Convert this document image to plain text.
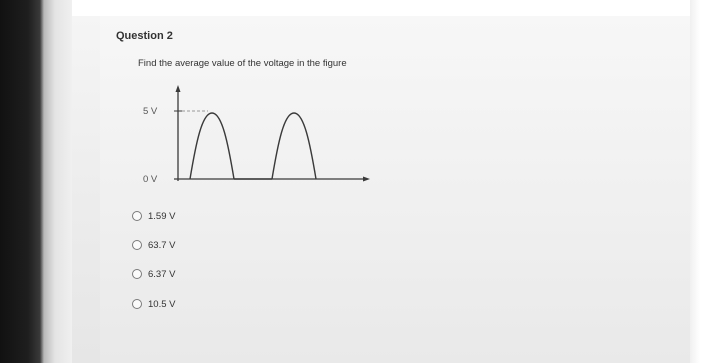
Question 2
Find the average value of the voltage in the figure
5 V
0 V
1.59 V
63.7 V
6.37 V
10.5 V
